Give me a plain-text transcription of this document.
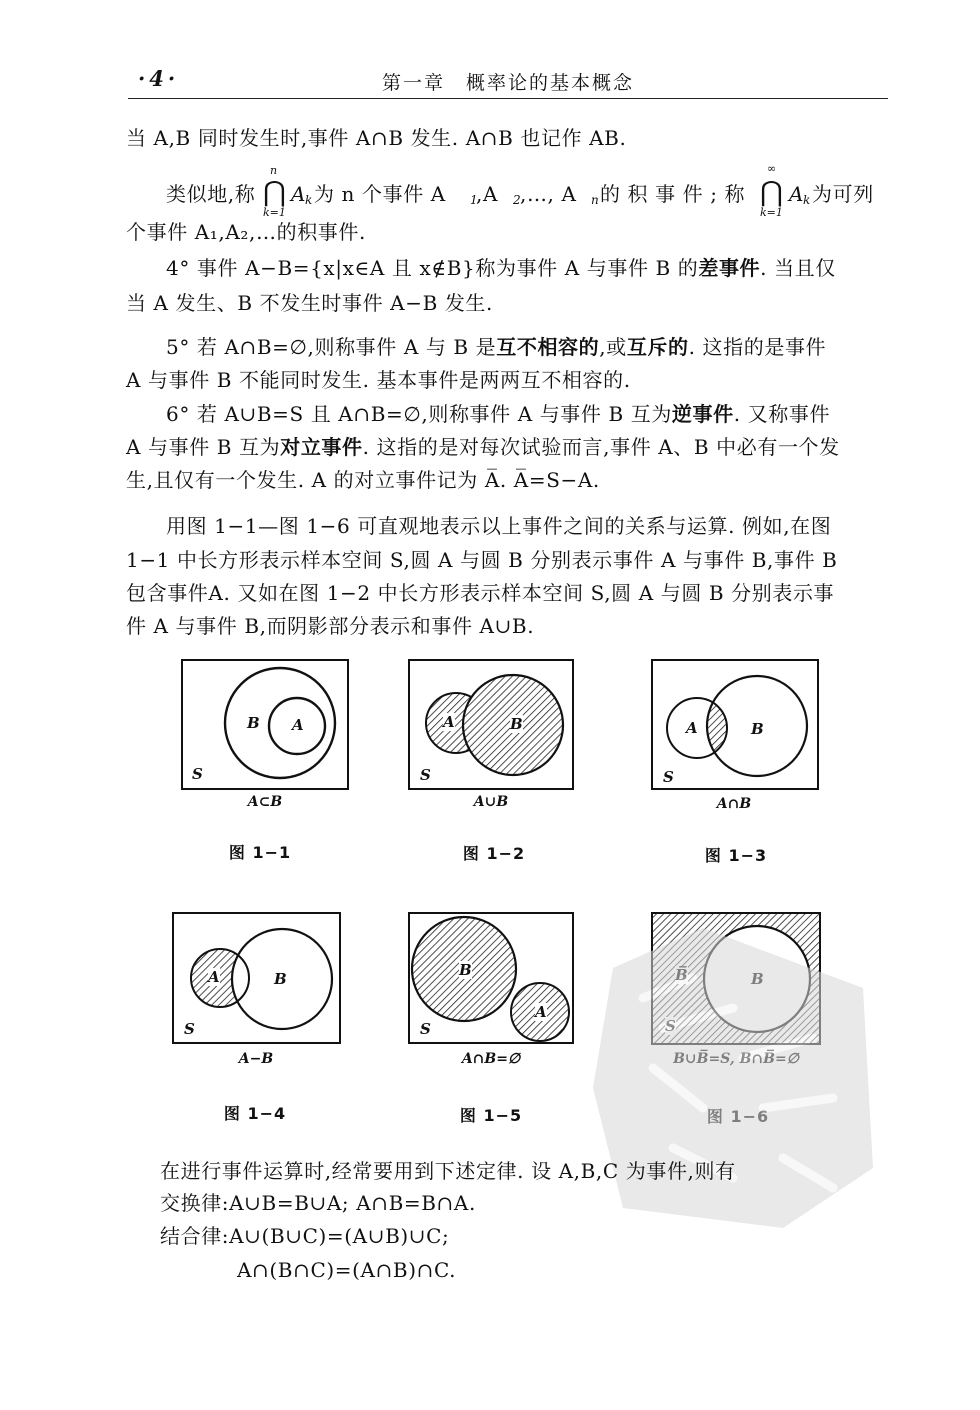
·4·	第一章　概率论的基本概念
当 A,B 同时发生时,事件 A∩B 发生. A∩B 也记作 AB.
类似地,称 ⋂
n
k=1
A
k 为 n 个事件 A 1
,A 2 ,…, A n 的 积 事 件 ; 称 ⋂
∞
k=1
A
k 为可列
个事件 A₁,A₂,…的积事件.
4° 事件 A−B={x|x∈A 且 x∉B}称为事件 A 与事件 B 的差事件. 当且仅
当 A 发生、B 不发生时事件 A−B 发生.
5° 若 A∩B=∅,则称事件 A 与 B 是互不相容的,或互斥的. 这指的是事件
A 与事件 B 不能同时发生. 基本事件是两两互不相容的.
6° 若 A∪B=S 且 A∩B=∅,则称事件 A 与事件 B 互为逆事件. 又称事件
A 与事件 B 互为对立事件. 这指的是对每次试验而言,事件 A、B 中必有一个发
生,且仅有一个发生. A 的对立事件记为 A̅. A̅=S−A.
用图 1−1—图 1−6 可直观地表示以上事件之间的关系与运算. 例如,在图
1−1 中长方形表示样本空间 S,圆 A 与圆 B 分别表示事件 A 与事件 B,事件 B
包含事件A. 又如在图 1−2 中长方形表示样本空间 S,圆 A 与圆 B 分别表示事
件 A 与事件 B,而阴影部分表示和事件 A∪B.
B A
S
A	B
S
A	B
S
A	B
S
B
A
S
A⊂B	A∪B	A∩B
A−B	A∩B=∅
图 1−1	图 1−2	图 1−3
图 1−4	图 1−5
在进行事件运算时,经常要用到下述定律. 设 A,B,C 为事件,则有
交换律:A∪B=B∪A; A∩B=B∩A.
结合律:A∪(B∪C)=(A∪B)∪C;
A∩(B∩C)=(A∩B)∩C.
